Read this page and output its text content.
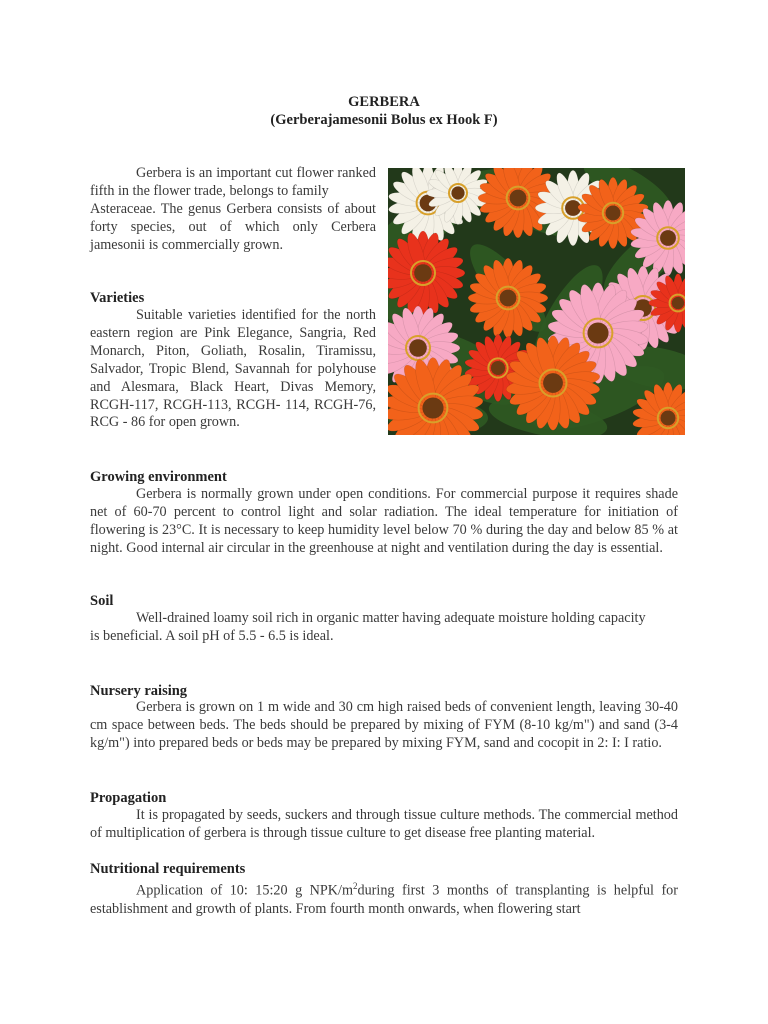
GERBERA
(Gerberajamesonii Bolus ex Hook F)

Gerbera is an important cut flower ranked fifth in the flower trade, belongs to family

Asteraceae. The genus Gerbera consists of about forty species, out of which only Cerbera jamesonii is commercially grown.

Varieties

Suitable varieties identified for the north eastern region are Pink Elegance, Sangria, Red Monarch, Piton, Goliath, Rosalin, Tiramissu, Salvador, Tropic Blend, Savannah for polyhouse and Alesmara, Black Heart, Divas Memory, RCGH-117, RCGH-113, RCGH- 114, RCGH-76, RCG - 86 for open grown.

Growing environment

Gerbera is normally grown under open conditions. For commercial purpose it requires shade net of 60-70 percent to control light and solar radiation. The ideal temperature for initiation of flowering is 23°C. It is necessary to keep humidity level below 70 % during the day and below 85 % at night. Good internal air circular in the greenhouse at night and ventilation during the day is essential.

Soil

Well-drained loamy soil rich in organic matter having adequate moisture holding capacity

is beneficial. A soil pH of 5.5 - 6.5 is ideal.

Nursery raising

Gerbera is grown on 1 m wide and 30 cm high raised beds of convenient length, leaving 30-40 cm space between beds. The beds should be prepared by mixing of FYM (8-10 kg/m") and sand (3-4 kg/m") into prepared beds or beds may be prepared by mixing FYM, sand and cocopit in 2: I: I ratio.

Propagation

It is propagated by seeds, suckers and through tissue culture methods. The commercial method of multiplication of gerbera is through tissue culture to get disease free planting material.

Nutritional requirements

Application of 10: 15:20 g NPK/$m^2during$ first 3 months of transplanting is helpful for establishment and growth of plants. From fourth month onwards, when flowering start
